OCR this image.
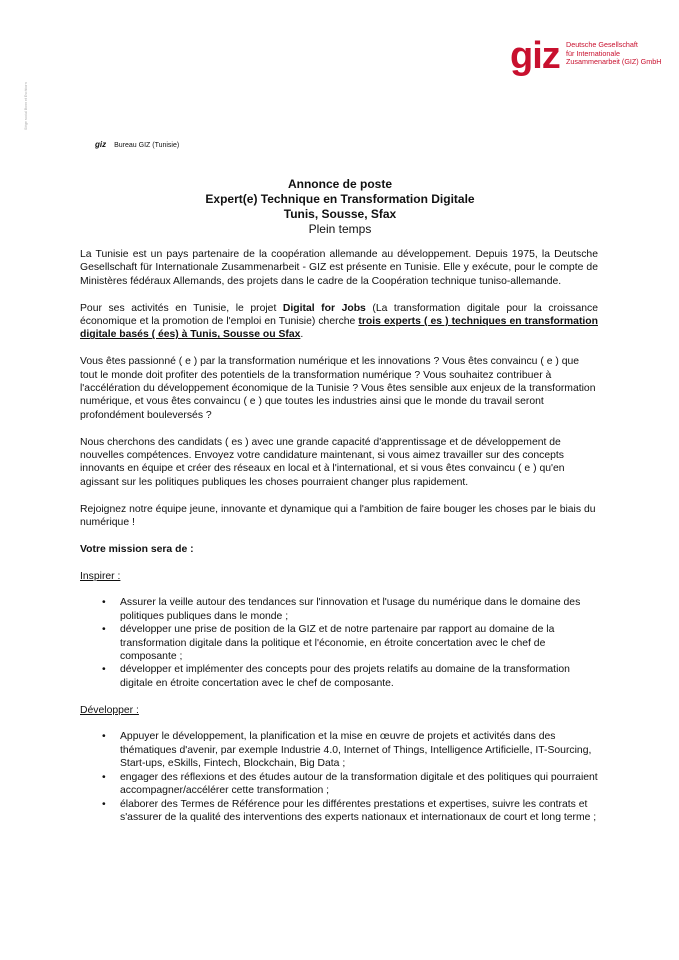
Siège social Bonn et Eschborn
giz Deutsche Gesellschaft
für Internationale
Zusammenarbeit (GIZ) GmbH
giz Bureau GIZ (Tunisie)
Annonce de poste
Expert(e) Technique en Transformation Digitale
Tunis, Sousse, Sfax
Plein temps

La Tunisie est un pays partenaire de la coopération allemande au développement. Depuis 1975, la Deutsche Gesellschaft für Internationale Zusammenarbeit - GIZ est présente en Tunisie. Elle y exécute, pour le compte de Ministères fédéraux Allemands, des projets dans le cadre de la Coopération technique tuniso-allemande.

Pour ses activités en Tunisie, le projet Digital for Jobs (La transformation digitale pour la croissance économique et la promotion de l'emploi en Tunisie) cherche trois experts ( es ) techniques en transformation digitale basés ( ées) à Tunis, Sousse ou Sfax.

Vous êtes passionné ( e ) par la transformation numérique et les innovations ? Vous êtes convaincu ( e ) que tout le monde doit profiter des potentiels de la transformation numérique ? Vous souhaitez contribuer à l'accélération du développement économique de la Tunisie ? Vous êtes sensible aux enjeux de la transformation numérique, et vous êtes convaincu ( e ) que toutes les industries ainsi que le monde du travail seront profondément bouleversés ?

Nous cherchons des candidats ( es ) avec une grande capacité d'apprentissage et de développement de nouvelles compétences. Envoyez votre candidature maintenant, si vous aimez travailler sur des concepts innovants en équipe et créer des réseaux en local et à l'international, et si vous êtes convaincu ( e ) qu'en agissant sur les politiques publiques les choses pourraient changer plus rapidement.

Rejoignez notre équipe jeune, innovante et dynamique qui a l'ambition de faire bouger les choses par le biais du numérique !

Votre mission sera de :

Inspirer :

• Assurer la veille autour des tendances sur l'innovation et l'usage du numérique dans le domaine des politiques publiques dans le monde ;
• développer une prise de position de la GIZ et de notre partenaire par rapport au domaine de la transformation digitale dans la politique et l'économie, en étroite concertation avec le chef de composante ;
• développer et implémenter des concepts pour des projets relatifs au domaine de la transformation digitale en étroite concertation avec le chef de composante.

Développer :

• Appuyer le développement, la planification et la mise en œuvre de projets et activités dans des thématiques d'avenir, par exemple Industrie 4.0, Internet of Things, Intelligence Artificielle, IT-Sourcing, Start-ups, eSkills, Fintech, Blockchain, Big Data ;
• engager des réflexions et des études autour de la transformation digitale et des politiques qui pourraient accompagner/accélérer cette transformation ;
• élaborer des Termes de Référence pour les différentes prestations et expertises, suivre les contrats et s'assurer de la qualité des interventions des experts nationaux et internationaux de court et long terme ;
